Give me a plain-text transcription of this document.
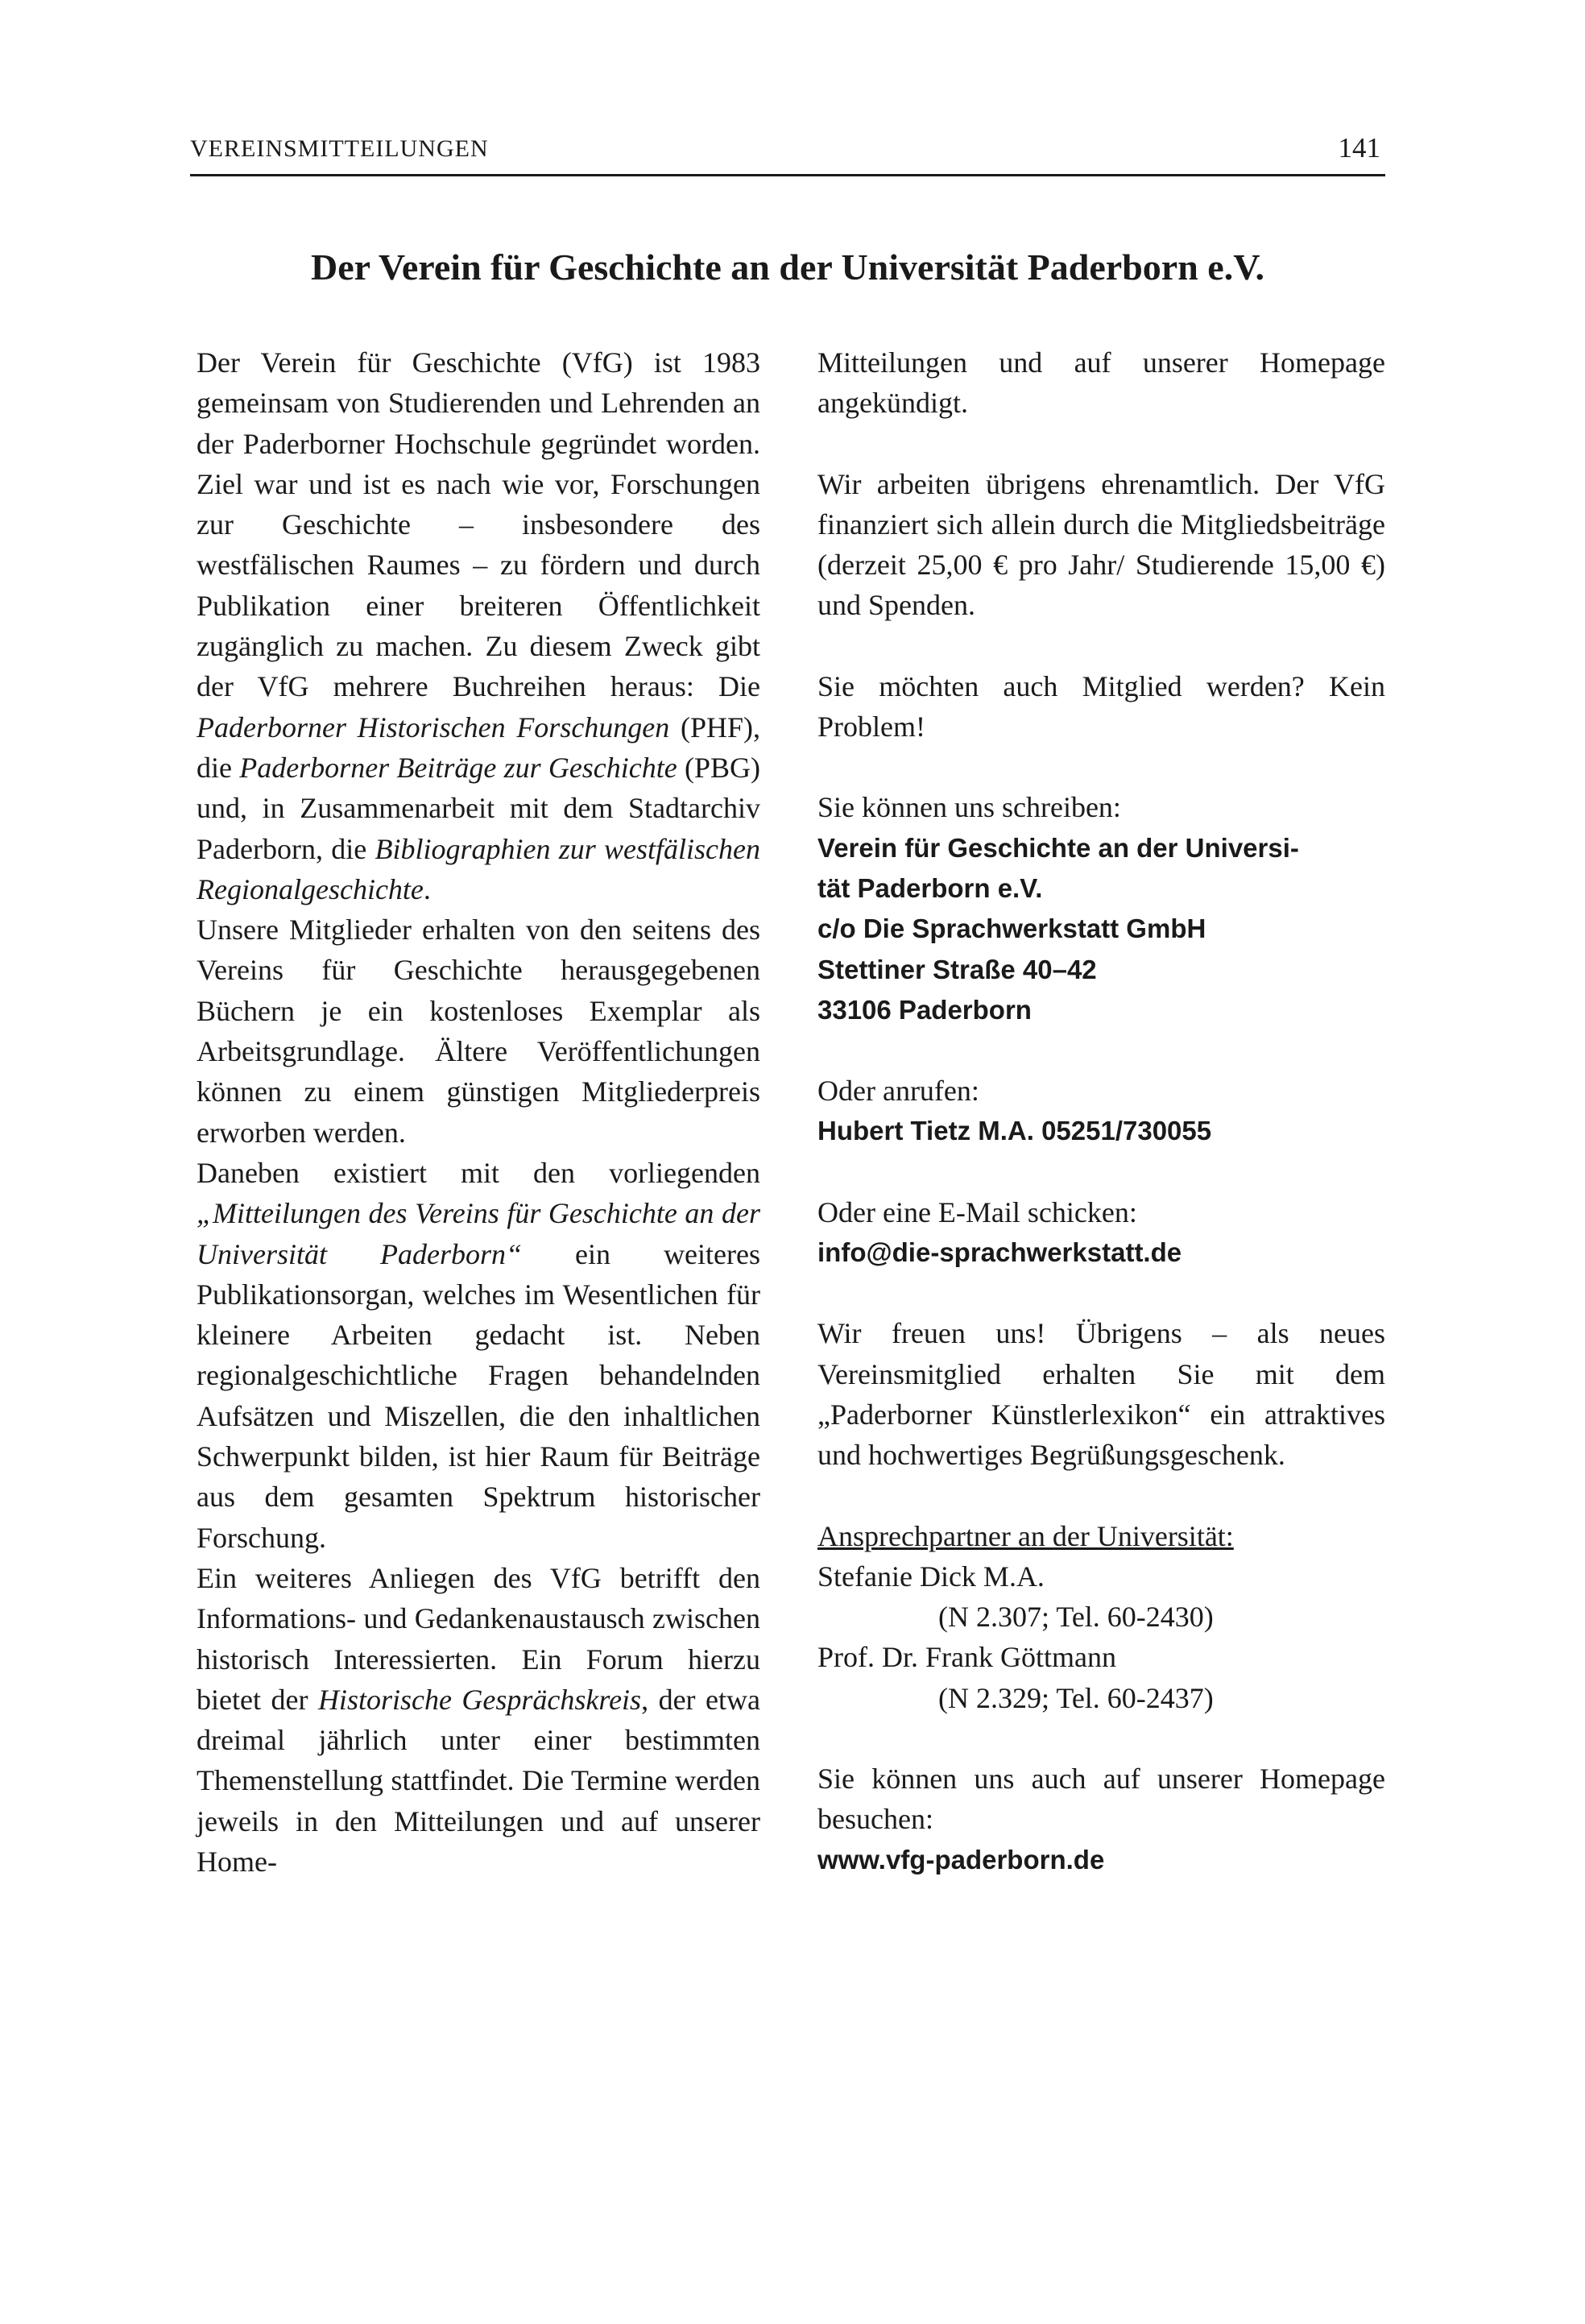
VEREINSMITTEILUNGEN	141
Der Verein für Geschichte an der Universität Paderborn e.V.

Der Verein für Geschichte (VfG) ist 1983 gemeinsam von Studierenden und Lehrenden an der Paderborner Hochschule gegründet worden. Ziel war und ist es nach wie vor, Forschungen zur Geschichte – insbesondere des westfälischen Raumes – zu fördern und durch Publikation einer breiteren Öffentlichkeit zugänglich zu machen. Zu diesem Zweck gibt der VfG mehrere Buchreihen heraus: Die Paderborner Historischen Forschungen (PHF), die Paderborner Beiträge zur Geschichte (PBG) und, in Zusammenarbeit mit dem Stadtarchiv Paderborn, die Bibliographien zur westfälischen Regionalgeschichte.

Unsere Mitglieder erhalten von den seitens des Vereins für Geschichte herausgegebenen Büchern je ein kostenloses Exemplar als Arbeitsgrundlage. Ältere Veröffentlichungen können zu einem günstigen Mitgliederpreis erworben werden.

Daneben existiert mit den vorliegenden „Mitteilungen des Vereins für Geschichte an der Universität Paderborn“ ein weiteres Publikationsorgan, welches im Wesentlichen für kleinere Arbeiten gedacht ist. Neben regionalgeschichtliche Fragen behandelnden Aufsätzen und Miszellen, die den inhaltlichen Schwerpunkt bilden, ist hier Raum für Beiträge aus dem gesamten Spektrum historischer Forschung.

Ein weiteres Anliegen des VfG betrifft den Informations- und Gedankenaustausch zwischen historisch Interessierten. Ein Forum hierzu bietet der Historische Gesprächskreis, der etwa dreimal jährlich unter einer bestimmten Themenstellung stattfindet. Die Termine werden jeweils in den Mitteilungen und auf unserer Home-

Mitteilungen und auf unserer Homepage angekündigt.

Wir arbeiten übrigens ehrenamtlich. Der VfG finanziert sich allein durch die Mitgliedsbeiträge (derzeit 25,00 € pro Jahr/ Studierende 15,00 €) und Spenden.

Sie möchten auch Mitglied werden? Kein Problem!

Sie können uns schreiben:
Verein für Geschichte an der Universi-
tät Paderborn e.V.
c/o Die Sprachwerkstatt GmbH
Stettiner Straße 40–42
33106 Paderborn
Oder anrufen:
Hubert Tietz M.A. 05251/730055
Oder eine E-Mail schicken:
info@die-sprachwerkstatt.de

Wir freuen uns! Übrigens – als neues Vereinsmitglied erhalten Sie mit dem „Paderborner Künstlerlexikon“ ein attraktives und hochwertiges Begrüßungsgeschenk.

Ansprechpartner an der Universität:
Stefanie Dick M.A.
(N 2.307; Tel. 60-2430)
Prof. Dr. Frank Göttmann
(N 2.329; Tel. 60-2437)

Sie können uns auch auf unserer Homepage besuchen:

www.vfg-paderborn.de
